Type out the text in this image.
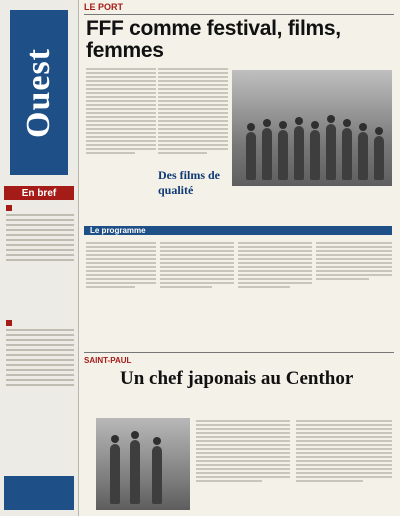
Ouest
En bref
LE PORT
FFF comme festival, films, femmes
Des films de qualité
Le programme
SAINT-PAUL
Un chef japonais au Centhor
